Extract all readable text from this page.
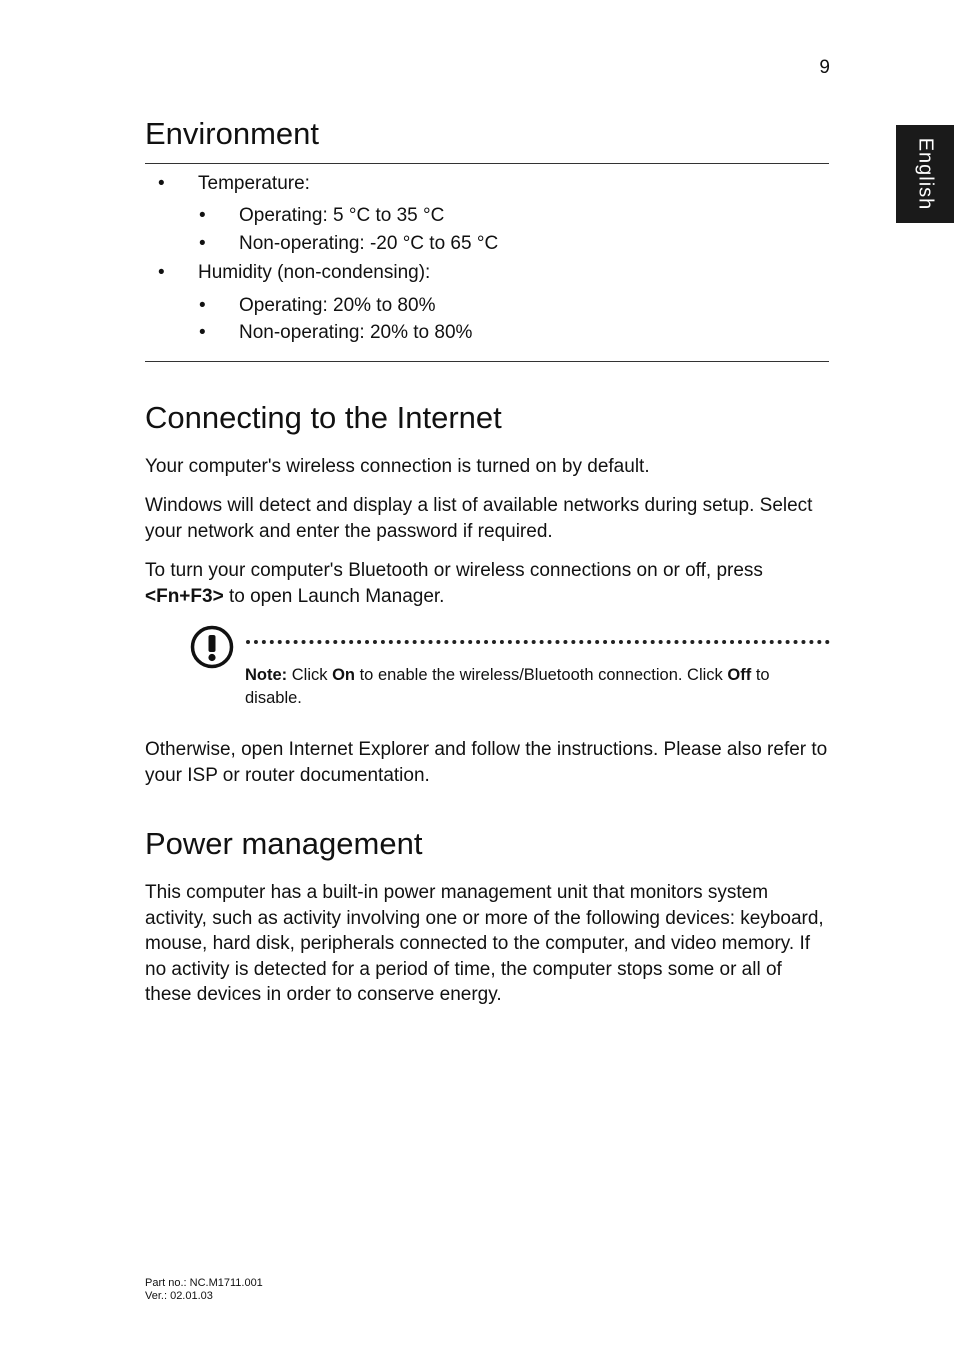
9
English
Environment
• Temperature:
• Operating: 5 °C to 35 °C
• Non-operating: -20 °C to 65 °C
• Humidity (non-condensing):
• Operating: 20% to 80%
• Non-operating: 20% to 80%
Connecting to the Internet

Your computer's wireless connection is turned on by default.

Windows will detect and display a list of available networks during setup. Select your network and enter the password if required.

To turn your computer's Bluetooth or wireless connections on or off, press <Fn+F3> to open Launch Manager.

Note: Click On to enable the wireless/Bluetooth connection. Click Off to disable.

Otherwise, open Internet Explorer and follow the instructions. Please also refer to your ISP or router documentation.

Power management

This computer has a built-in power management unit that monitors system activity, such as activity involving one or more of the following devices: keyboard, mouse, hard disk, peripherals connected to the computer, and video memory. If no activity is detected for a period of time, the computer stops some or all of these devices in order to conserve energy.

Part no.: NC.M1711.001
Ver.: 02.01.03
